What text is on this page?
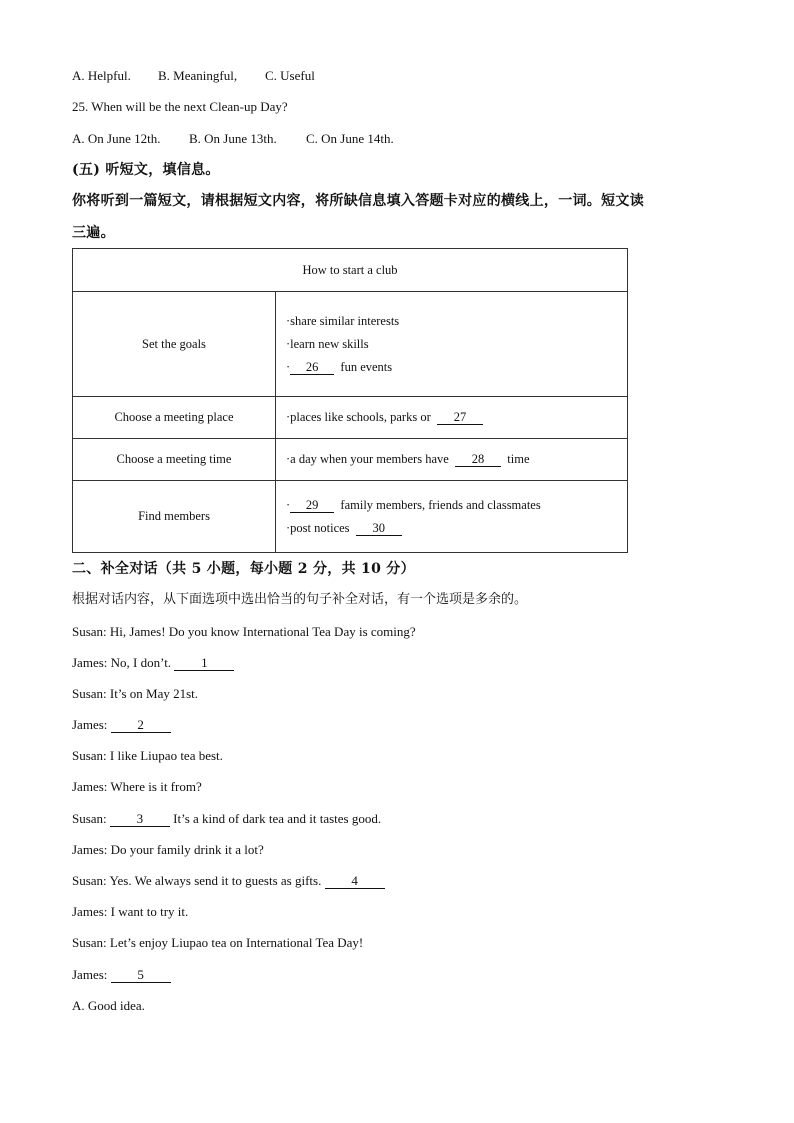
A. Helpful. B. Meaningful, C. Useful
25. When will be the next Clean-up Day?
A. On June 12th. B. On June 13th. C. On June 14th.
(五) 听短文，填信息。
你将听到一篇短文，请根据短文内容，将所缺信息填入答题卡对应的横线上，一词。短文读
三遍。
How to start a club	
Set the goals	·share similar interests
·learn new skills
· 26 fun events

Choose a meeting place	·places like schools, parks or 27
Choose a meeting time	·a day when your members have 28 time
Find members	· 29 family members, friends and classmates
·post notices 30
二、补全对话（共 5 小题，每小题 2 分，共 10 分）
根据对话内容，从下面选项中选出恰当的句子补全对话，有一个选项是多余的。
Susan: Hi, James! Do you know International Tea Day is coming?
James: No, I don’t. 1
Susan: It’s on May 21st.
James: 2
Susan: I like Liupao tea best.
James: Where is it from?
Susan: 3 It’s a kind of dark tea and it tastes good.
James: Do your family drink it a lot?
Susan: Yes. We always send it to guests as gifts. 4
James: I want to try it.
Susan: Let’s enjoy Liupao tea on International Tea Day!
James: 5
A. Good idea.
